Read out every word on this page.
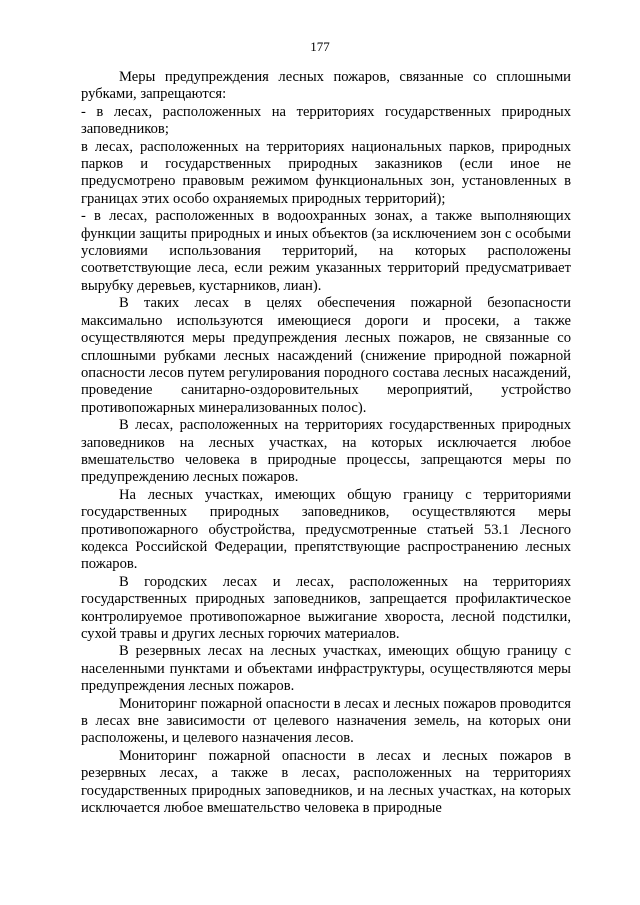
177

Меры предупреждения лесных пожаров, связанные со сплошными рубками, запрещаются:

- в лесах, расположенных на территориях государственных природных заповедников;

в лесах, расположенных на территориях национальных парков, природных парков и государственных природных заказников (если иное не предусмотрено правовым режимом функциональных зон, установленных в границах этих особо охраняемых природных территорий);

- в лесах, расположенных в водоохранных зонах, а также выполняющих функции защиты природных и иных объектов (за исключением зон с особыми условиями использования территорий, на которых расположены соответствующие леса, если режим указанных территорий предусматривает вырубку деревьев, кустарников, лиан).

В таких лесах в целях обеспечения пожарной безопасности максимально используются имеющиеся дороги и просеки, а также осуществляются меры предупреждения лесных пожаров, не связанные со сплошными рубками лесных насаждений (снижение природной пожарной опасности лесов путем регулирования породного состава лесных насаждений, проведение санитарно-оздоровительных мероприятий, устройство противопожарных минерализованных полос).

В лесах, расположенных на территориях государственных природных заповедников на лесных участках, на которых исключается любое вмешательство человека в природные процессы, запрещаются меры по предупреждению лесных пожаров.

На лесных участках, имеющих общую границу с территориями государственных природных заповедников, осуществляются меры противопожарного обустройства, предусмотренные статьей 53.1 Лесного кодекса Российской Федерации, препятствующие распространению лесных пожаров.

В городских лесах и лесах, расположенных на территориях государственных природных заповедников, запрещается профилактическое контролируемое противопожарное выжигание хвороста, лесной подстилки, сухой травы и других лесных горючих материалов.

В резервных лесах на лесных участках, имеющих общую границу с населенными пунктами и объектами инфраструктуры, осуществляются меры предупреждения лесных пожаров.

Мониторинг пожарной опасности в лесах и лесных пожаров проводится в лесах вне зависимости от целевого назначения земель, на которых они расположены, и целевого назначения лесов.

Мониторинг пожарной опасности в лесах и лесных пожаров в резервных лесах, а также в лесах, расположенных на территориях государственных природных заповедников, и на лесных участках, на которых исключается любое вмешательство человека в природные
